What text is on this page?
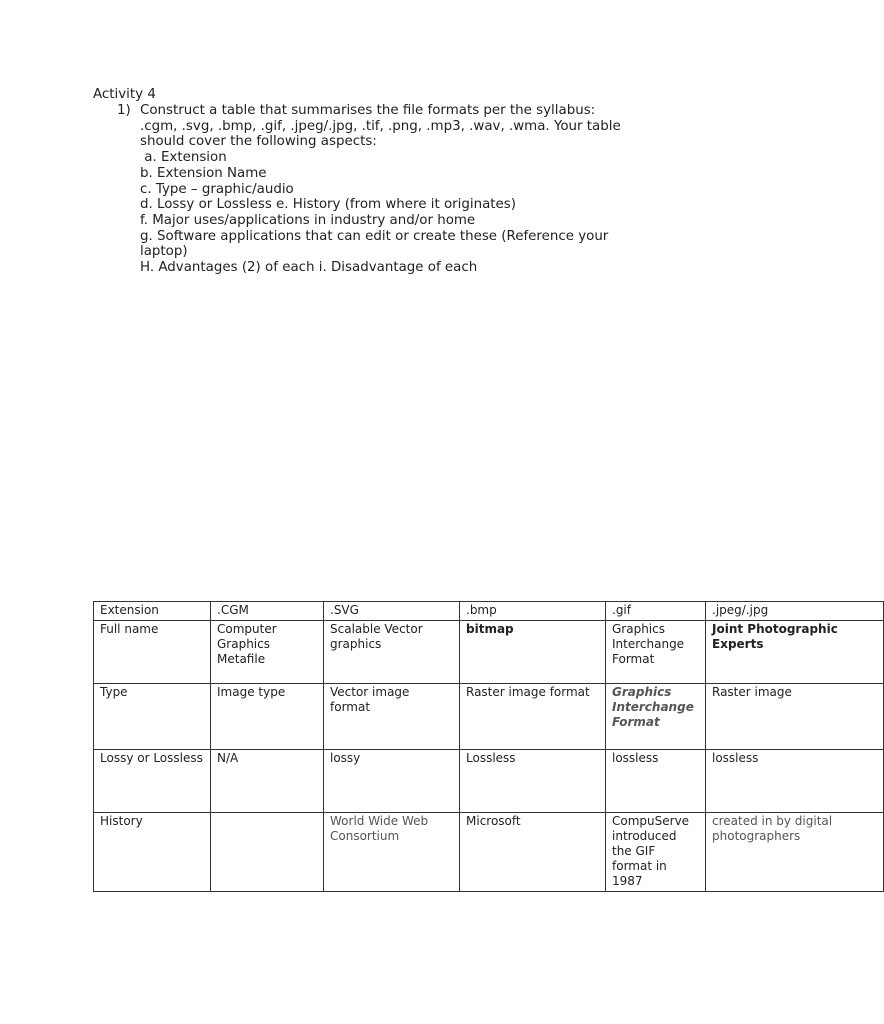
Activity 4
1) Construct a table that summarises the file formats per the syllabus:
.cgm, .svg, .bmp, .gif, .jpeg/.jpg, .tif, .png, .mp3, .wav, .wma. Your table
should cover the following aspects:
a. Extension
b. Extension Name
c. Type – graphic/audio
d. Lossy or Lossless e. History (from where it originates)
f. Major uses/applications in industry and/or home
g. Software applications that can edit or create these (Reference your
laptop)
H. Advantages (2) of each i. Disadvantage of each
Extension	.CGM	.SVG	.bmp	.gif	.jpeg/.jpg
Full name	Computer Graphics Metafile	Scalable Vector graphics	bitmap	Graphics Interchange Format	Joint Photographic Experts
Type	Image type	Vector image format	Raster image format	Graphics Interchange Format	Raster image
Lossy or Lossless	N/A	lossy	Lossless	lossless	lossless
History		World Wide Web Consortium	Microsoft	CompuServe introduced the GIF format in 1987	created in by digital photographers
